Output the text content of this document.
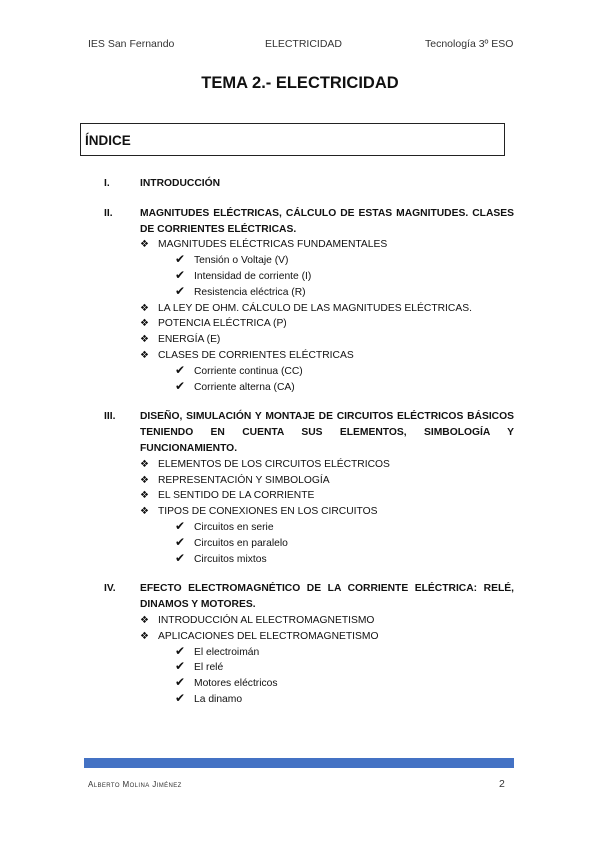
IES San Fernando	ELECTRICIDAD	Tecnología 3º ESO
TEMA 2.- ELECTRICIDAD
ÍNDICE
I.	INTRODUCCIÓN
II.	MAGNITUDES ELÉCTRICAS, CÁLCULO DE ESTAS MAGNITUDES. CLASES DE CORRIENTES ELÉCTRICAS.
❖ MAGNITUDES ELÉCTRICAS FUNDAMENTALES
✔ Tensión o Voltaje (V)
✔ Intensidad de corriente (I)
✔ Resistencia eléctrica (R)
❖ LA LEY DE OHM. CÁLCULO DE LAS MAGNITUDES ELÉCTRICAS.
❖ POTENCIA ELÉCTRICA (P)
❖ ENERGÍA (E)
❖ CLASES DE CORRIENTES ELÉCTRICAS
✔ Corriente continua (CC)
✔ Corriente alterna (CA)
III. DISEÑO, SIMULACIÓN Y MONTAJE DE CIRCUITOS ELÉCTRICOS BÁSICOS TENIENDO EN CUENTA SUS ELEMENTOS, SIMBOLOGÍA Y FUNCIONAMIENTO.
❖ ELEMENTOS DE LOS CIRCUITOS ELÉCTRICOS
❖ REPRESENTACIÓN Y SIMBOLOGÍA
❖ EL SENTIDO DE LA CORRIENTE
❖ TIPOS DE CONEXIONES EN LOS CIRCUITOS
✔ Circuitos en serie
✔ Circuitos en paralelo
✔ Circuitos mixtos
IV. EFECTO ELECTROMAGNÉTICO DE LA CORRIENTE ELÉCTRICA: RELÉ, DINAMOS Y MOTORES.
❖ INTRODUCCIÓN AL ELECTROMAGNETISMO
❖ APLICACIONES DEL ELECTROMAGNETISMO
✔ El electroimán
✔ El relé
✔ Motores eléctricos
✔ La dinamo
Alberto Molina Jiménez	2
